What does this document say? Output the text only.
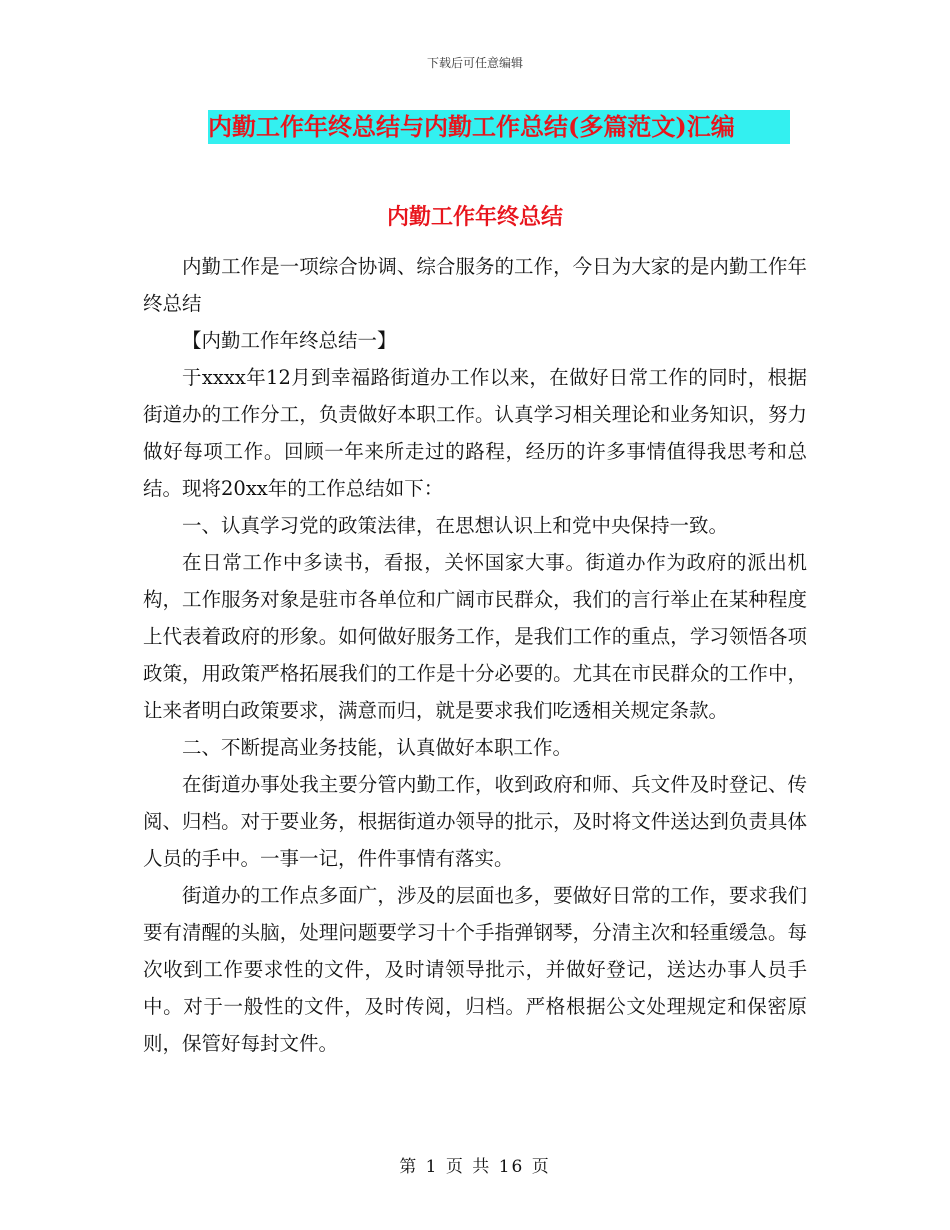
下载后可任意编辑
内勤工作年终总结与内勤工作总结(多篇范文)汇编
内勤工作年终总结

内勤工作是一项综合协调、综合服务的工作，今日为大家的是内勤工作年终总结

【内勤工作年终总结一】

于xxxx年12月到幸福路街道办工作以来，在做好日常工作的同时，根据街道办的工作分工，负责做好本职工作。认真学习相关理论和业务知识，努力做好每项工作。回顾一年来所走过的路程，经历的许多事情值得我思考和总结。现将20xx年的工作总结如下：

一、认真学习党的政策法律，在思想认识上和党中央保持一致。

在日常工作中多读书，看报，关怀国家大事。街道办作为政府的派出机构，工作服务对象是驻市各单位和广阔市民群众，我们的言行举止在某种程度上代表着政府的形象。如何做好服务工作，是我们工作的重点，学习领悟各项政策，用政策严格拓展我们的工作是十分必要的。尤其在市民群众的工作中，让来者明白政策要求，满意而归，就是要求我们吃透相关规定条款。

二、不断提高业务技能，认真做好本职工作。

在街道办事处我主要分管内勤工作，收到政府和师、兵文件及时登记、传阅、归档。对于要业务，根据街道办领导的批示，及时将文件送达到负责具体人员的手中。一事一记，件件事情有落实。

街道办的工作点多面广，涉及的层面也多，要做好日常的工作，要求我们要有清醒的头脑，处理问题要学习十个手指弹钢琴，分清主次和轻重缓急。每次收到工作要求性的文件，及时请领导批示，并做好登记，送达办事人员手中。对于一般性的文件，及时传阅，归档。严格根据公文处理规定和保密原则，保管好每封文件。

第 1 页 共 16 页
